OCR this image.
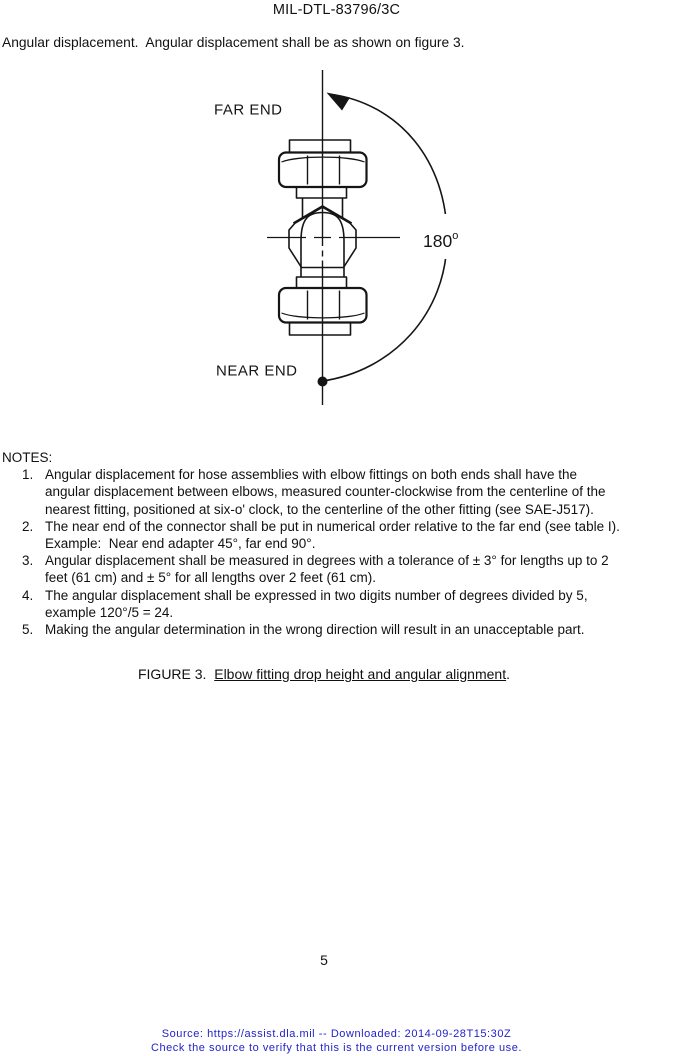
MIL-DTL-83796/3C
Angular displacement.  Angular displacement shall be as shown on figure 3.
180$^o$
FAR END
NEAR END
NOTES:
1. Angular displacement for hose assemblies with elbow fittings on both ends shall have the
angular displacement between elbows, measured counter-clockwise from the centerline of the
nearest fitting, positioned at six-o' clock, to the centerline of the other fitting (see SAE-J517).
2. The near end of the connector shall be put in numerical order relative to the far end (see table I).
Example:  Near end adapter 45°, far end 90°.
3. Angular displacement shall be measured in degrees with a tolerance of ± 3° for lengths up to 2
feet (61 cm) and ± 5° for all lengths over 2 feet (61 cm).
4. The angular displacement shall be expressed in two digits number of degrees divided by 5,
example 120°/5 = 24.
5. Making the angular determination in the wrong direction will result in an unacceptable part.
FIGURE 3. Elbow fitting drop height and angular alignment.
5
Source: https://assist.dla.mil -- Downloaded: 2014-09-28T15:30Z
Check the source to verify that this is the current version before use.
